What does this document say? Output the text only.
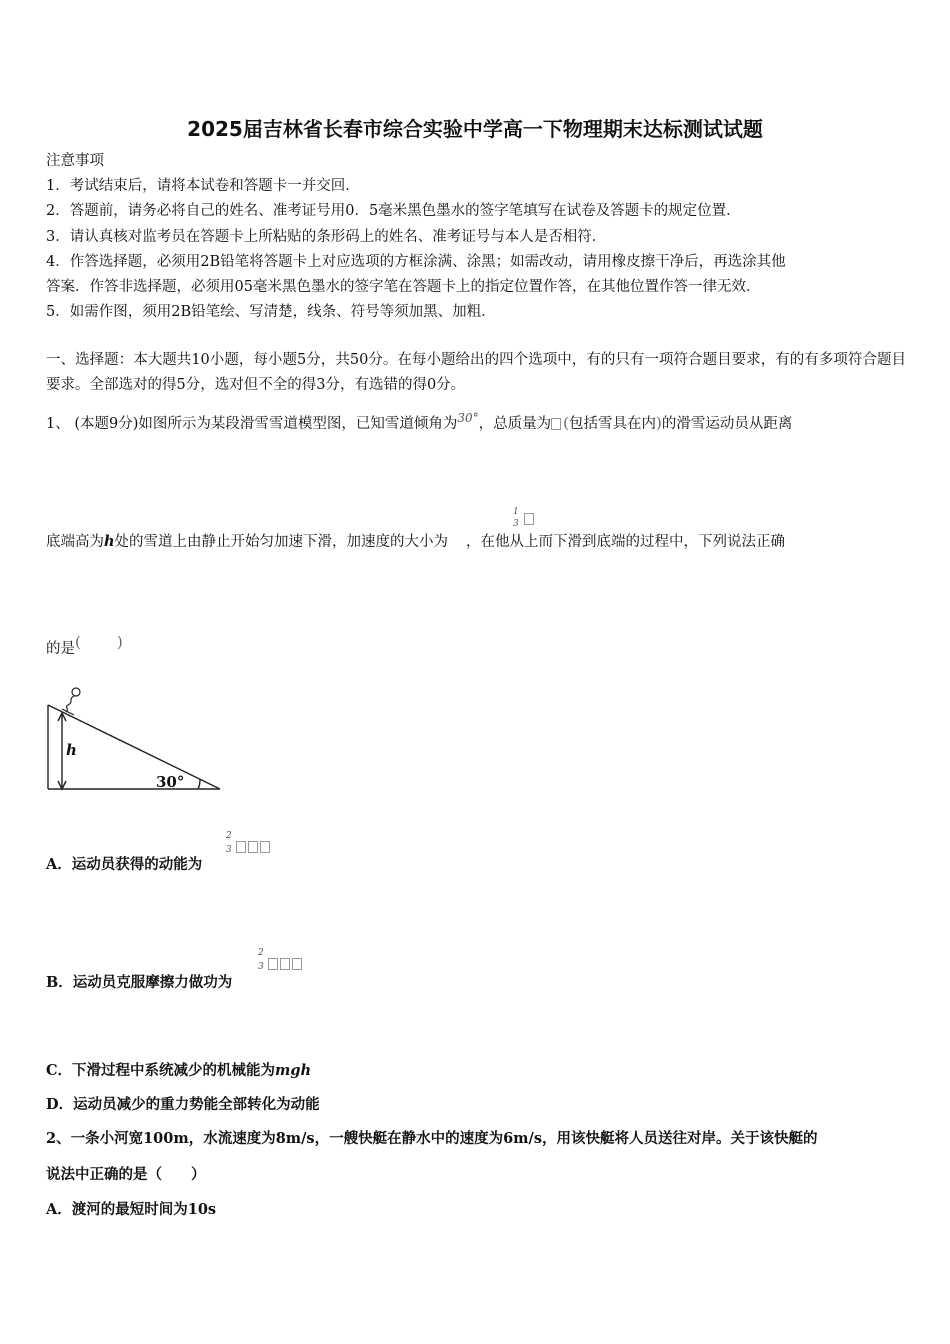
2025届吉林省长春市综合实验中学高一下物理期末达标测试试题
注意事项
1．考试结束后，请将本试卷和答题卡一并交回．
2．答题前，请务必将自己的姓名、准考证号用0．5毫米黑色墨水的签字笔填写在试卷及答题卡的规定位置．
3．请认真核对监考员在答题卡上所粘贴的条形码上的姓名、准考证号与本人是否相符．
4．作答选择题，必须用2B铅笔将答题卡上对应选项的方框涂满、涂黑；如需改动，请用橡皮擦干净后，再选涂其他
答案．作答非选择题，必须用05毫米黑色墨水的签字笔在答题卡上的指定位置作答，在其他位置作答一律无效．
5．如需作图，须用2B铅笔绘、写清楚，线条、符号等须加黑、加粗．
一、选择题：本大题共10小题，每小题5分，共50分。在每小题给出的四个选项中，有的只有一项符合题目要求，有的有多项符合题目要求。全部选对的得5分，选对但不全的得3分，有选错的得0分。
1、 (本题9分)如图所示为某段滑雪雪道模型图，已知雪道倾角为$^{30^\circ}$，总质量为 (包括雪具在内)的滑雪运动员从距离
1
3
底端高为h处的雪道上由静止开始匀加速下滑，加速度的大小为 ，在他从上而下滑到底端的过程中，下列说法正确
的是( )
h
30°
2
3
A．运动员获得的动能为
2
3
B．运动员克服摩擦力做功为
C．下滑过程中系统减少的机械能为mgh
D．运动员减少的重力势能全部转化为动能
2、一条小河宽100m，水流速度为8m/s，一艘快艇在静水中的速度为6m/s，用该快艇将人员送往对岸。关于该快艇的
说法中正确的是（　　）
A．渡河的最短时间为10s
